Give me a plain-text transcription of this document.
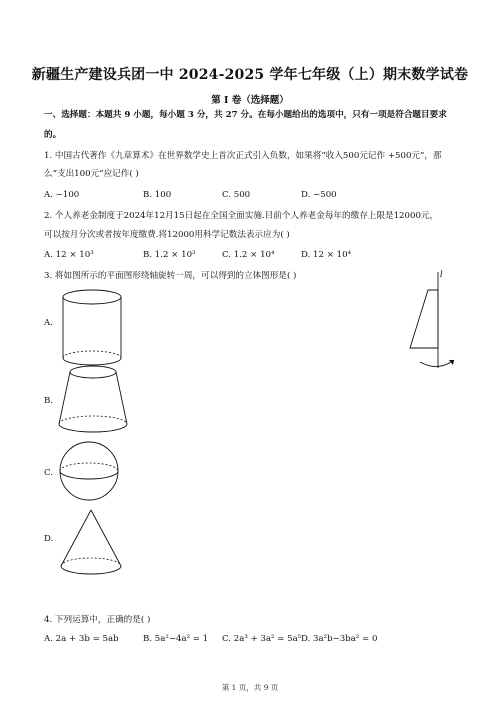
新疆生产建设兵团一中 2024-2025 学年七年级（上）期末数学试卷
第 I 卷（选择题）
一、选择题：本题共 9 小题，每小题 3 分，共 27 分。在每小题给出的选项中，只有一项是符合题目要求
的。
1. 中国古代著作《九章算术》在世界数学史上首次正式引入负数，如果将“收入500元记作 +500元”，那
么“支出100元”应记作( )
A. −100	B. 100	C. 500	D. −500
2. 个人养老金制度于2024年12月15日起在全国全面实施.目前个人养老金每年的缴存上限是12000元，
可以按月分次或者按年度缴费.将12000用科学记数法表示应为( )
A. 12 × 10³	B. 1.2 × 10³	C. 1.2 × 10⁴	D. 12 × 10⁴
3. 将如图所示的平面图形绕轴旋转一周，可以得到的立体图形是( )	l
A.
B.
C.
D.
4. 下列运算中，正确的是( )
A. 2a + 3b = 5ab	B. 5a²−4a² = 1 C. 2a³ + 3a² = 5a⁵ D. 3a²b−3ba² = 0
第 1 页，共 9 页
